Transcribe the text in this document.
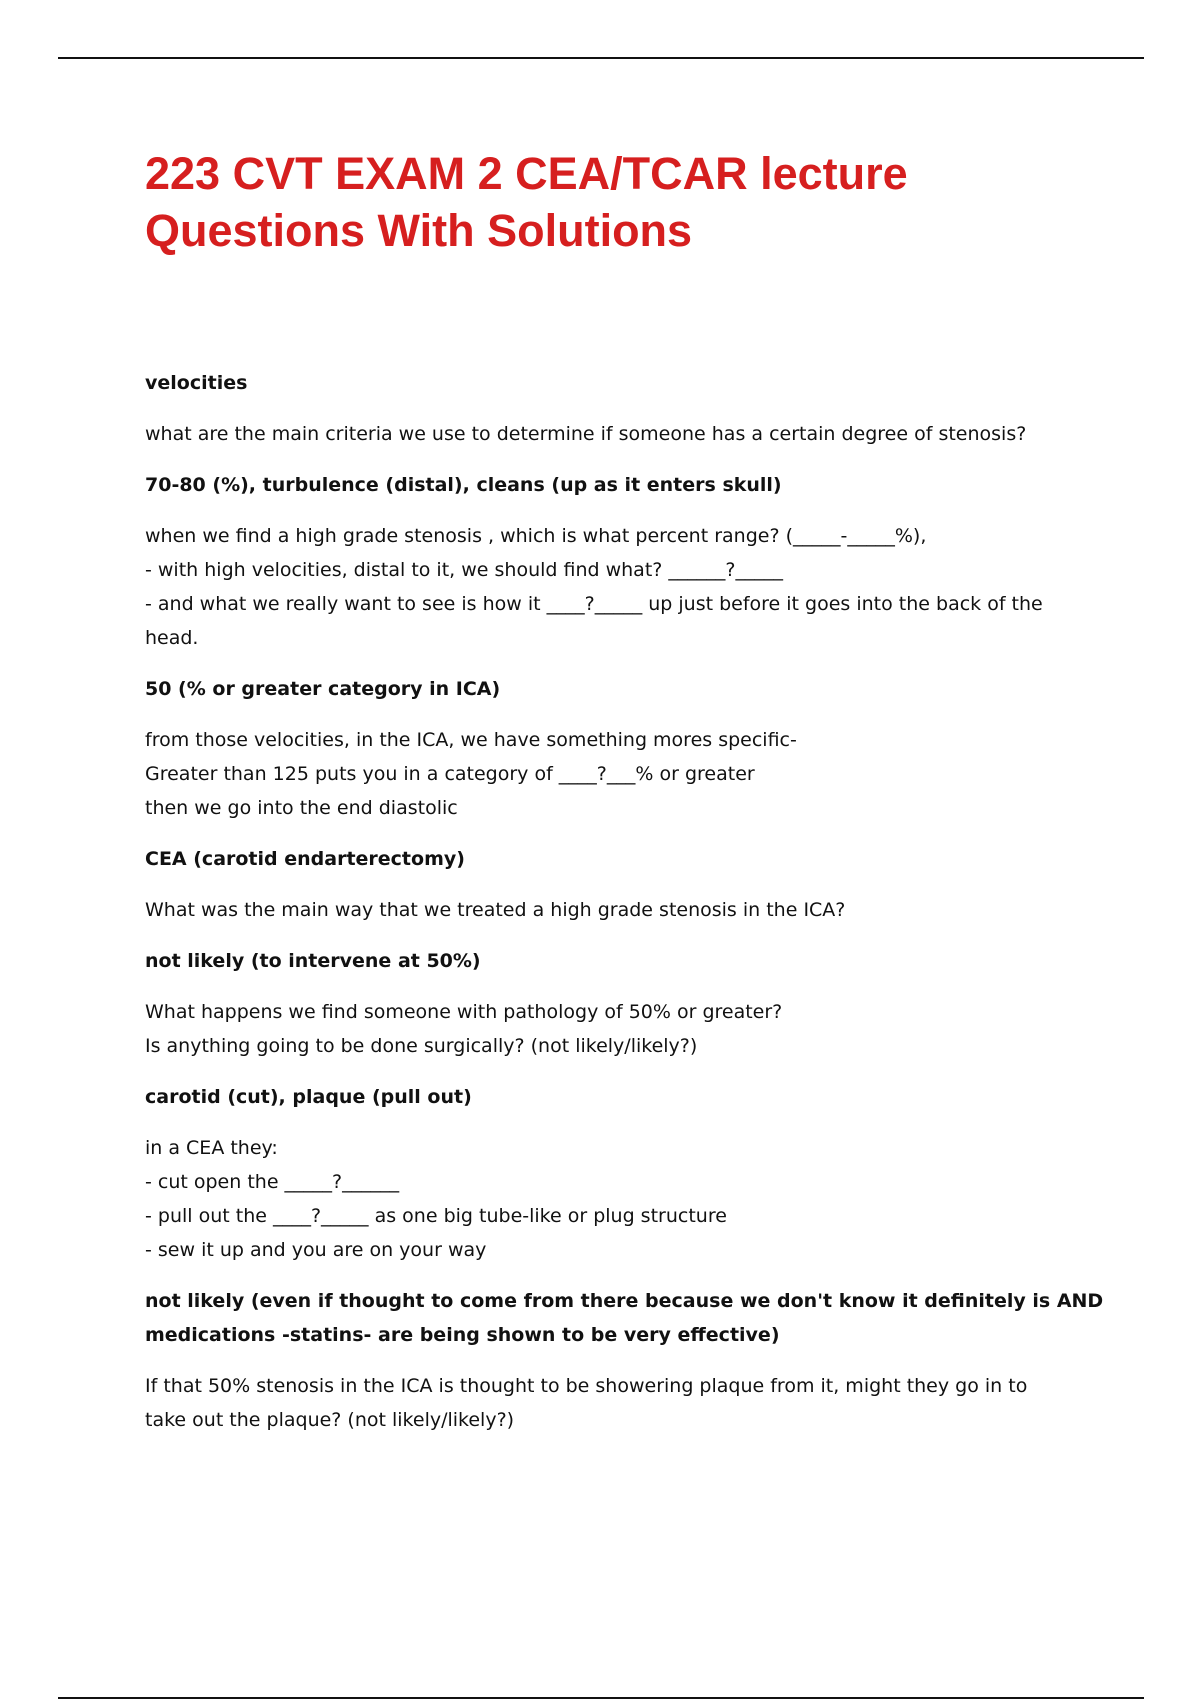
223 CVT EXAM 2 CEA/TCAR lecture
Questions With Solutions

velocities

what are the main criteria we use to determine if someone has a certain degree of stenosis?

70-80 (%), turbulence (distal), cleans (up as it enters skull)

when we find a high grade stenosis , which is what percent range? (_____-_____%),
- with high velocities, distal to it, we should find what? ______?_____
- and what we really want to see is how it ____?_____ up just before it goes into the back of the
head.

50 (% or greater category in ICA)

from those velocities, in the ICA, we have something mores specific-
Greater than 125 puts you in a category of ____?___% or greater
then we go into the end diastolic

CEA (carotid endarterectomy)

What was the main way that we treated a high grade stenosis in the ICA?

not likely (to intervene at 50%)

What happens we find someone with pathology of 50% or greater?
Is anything going to be done surgically? (not likely/likely?)

carotid (cut), plaque (pull out)

in a CEA they:
- cut open the _____?______
- pull out the ____?_____ as one big tube-like or plug structure
- sew it up and you are on your way

not likely (even if thought to come from there because we don't know it definitely is AND
medications -statins- are being shown to be very effective)

If that 50% stenosis in the ICA is thought to be showering plaque from it, might they go in to
take out the plaque? (not likely/likely?)
